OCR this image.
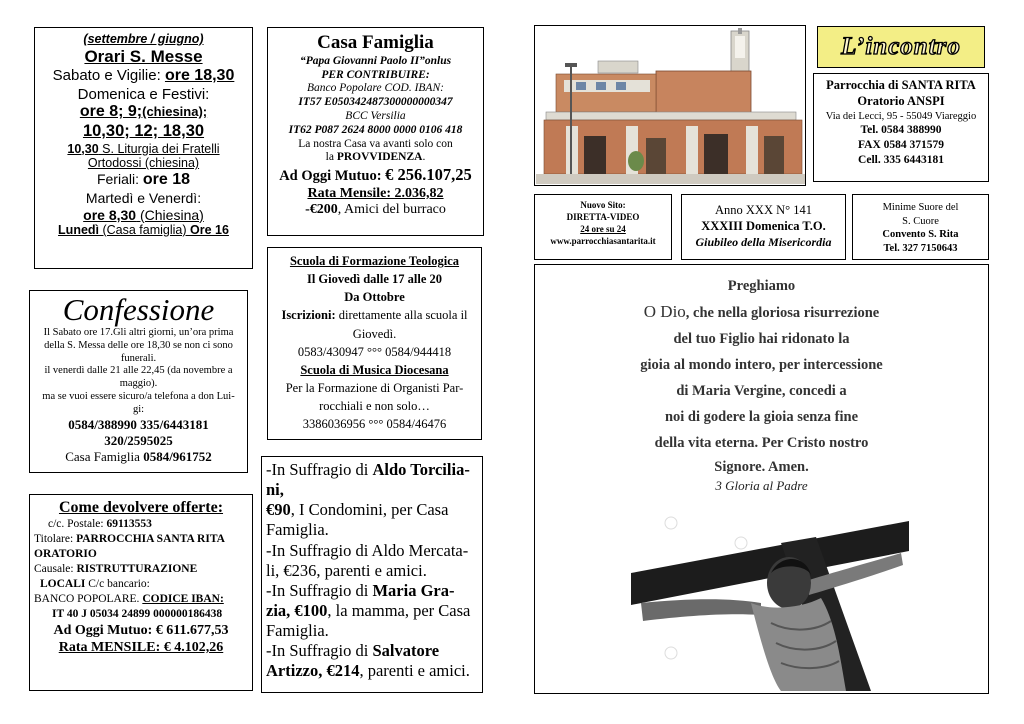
(settembre / giugno)
Orari S. Messe
Sabato e Vigilie: ore 18,30
Domenica e Festivi:
ore 8; 9;(chiesina);
10,30; 12; 18,30
10,30 S. Liturgia dei Fratelli
Ortodossi (chiesina)
Feriali: ore 18
Martedì e Venerdì:
ore 8,30 (Chiesina)
Lunedì (Casa famiglia) Ore 16
Casa Famiglia
“Papa Giovanni Paolo II”onlus
PER CONTRIBUIRE:
Banco Popolare COD. IBAN:
IT57 E050342487300000000347
BCC Versilia
IT62 P087 2624 8000 0000 0106 418
La nostra Casa va avanti solo con
la PROVVIDENZA.
Ad Oggi Mutuo: € 256.107,25
Rata Mensile: 2.036,82
-€200, Amici del burraco
Confessione
Il Sabato ore 17.Gli altri giorni, un’ora prima
della S. Messa delle ore 18,30 se non ci sono
funerali.
il venerdì dalle 21 alle 22,45 (da novembre a
maggio).
ma se vuoi essere sicuro/a telefona a don Lui-
gi:
0584/388990 335/6443181
320/2595025
Casa Famiglia 0584/961752
Come devolvere offerte:
c/c. Postale: 69113553
Titolare: PARROCCHIA SANTA RITA
ORATORIO
Causale: RISTRUTTURAZIONE
LOCALI C/c bancario:
BANCO POPOLARE. CODICE IBAN:
IT 40 J 05034 24899 000000186438
Ad Oggi Mutuo: € 611.677,53
Rata MENSILE: € 4.102,26
Scuola di Formazione Teologica
Il Giovedì dalle 17 alle 20
Da Ottobre
Iscrizioni: direttamente alla scuola il
Giovedì.
0583/430947 °°° 0584/944418
Scuola di Musica Diocesana
Per la Formazione di Organisti Par-
rocchiali e non solo…
3386036956 °°° 0584/46476
-In Suffragio di Aldo Torcilia-
ni,
€90, I Condomini, per Casa
Famiglia.
-In Suffragio di Aldo Mercata-
li, €236, parenti e amici.
-In Suffragio di Maria Gra-
zia, €100, la mamma, per Casa
Famiglia.
-In Suffragio di Salvatore
Artizzo, €214, parenti e amici.
L’incontro
Parrocchia di SANTA RITA
Oratorio ANSPI
Via dei Lecci, 95 - 55049 Viareggio
Tel. 0584 388990
FAX 0584 371579
Cell. 335 6443181
Nuovo Sito:
DIRETTA-VIDEO
24 ore su 24
www.parrocchiasantarita.it
Anno XXX N° 141
XXXIII Domenica T.O.
Giubileo della Misericordia
Minime Suore del
S. Cuore
Convento S. Rita
Tel. 327 7150643
Preghiamo
O Dio, che nella gloriosa risurrezione
del tuo Figlio hai ridonato la
gioia al mondo intero, per intercessione
di Maria Vergine, concedi a
noi di godere la gioia senza fine
della vita eterna. Per Cristo nostro
Signore. Amen.
3 Gloria al Padre
